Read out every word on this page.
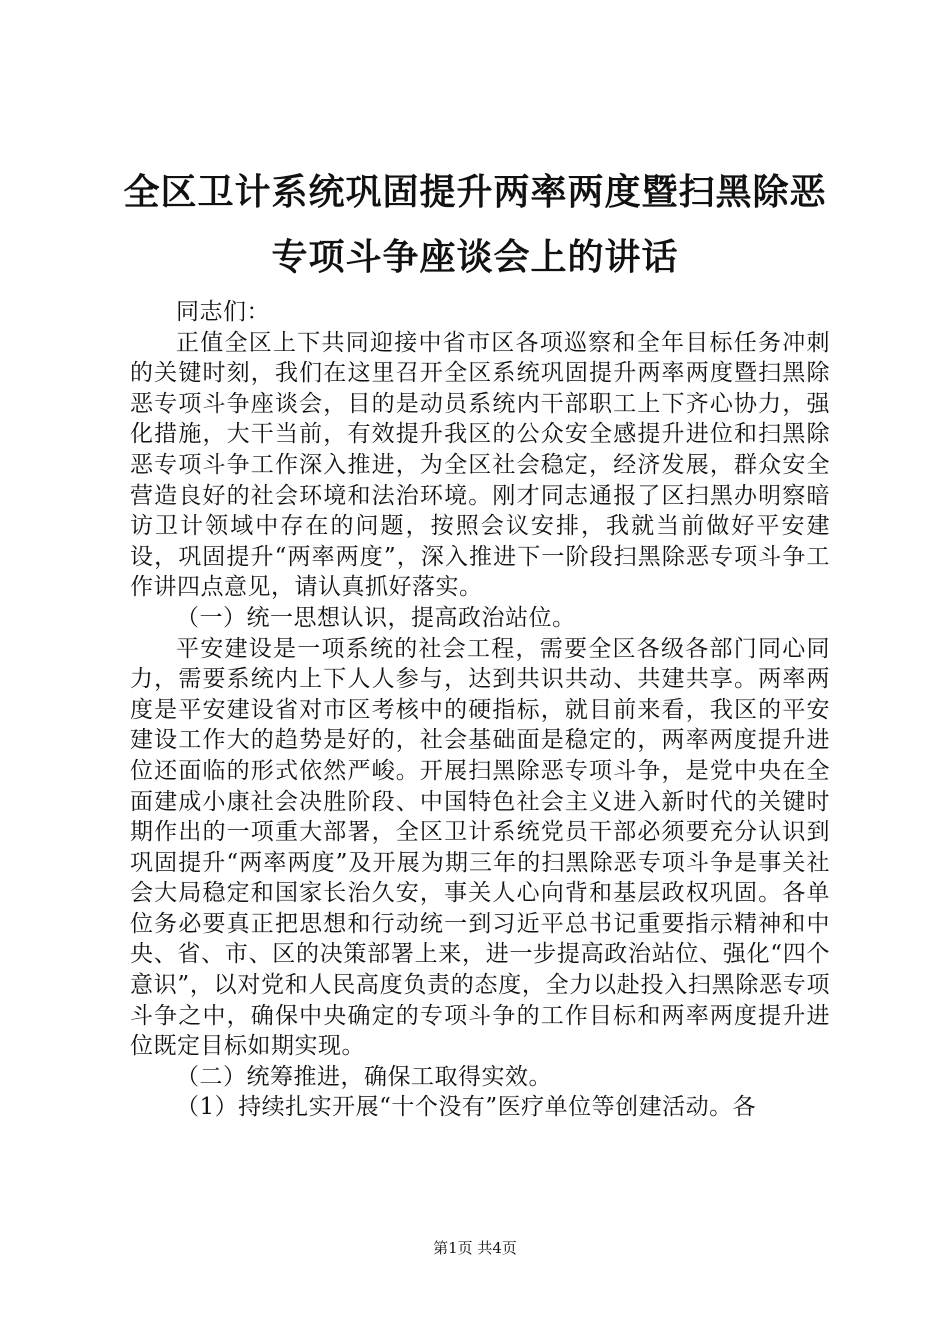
全区卫计系统巩固提升两率两度暨扫黑除恶专项斗争座谈会上的讲话

同志们：

正值全区上下共同迎接中省市区各项巡察和全年目标任务冲刺的关键时刻，我们在这里召开全区系统巩固提升两率两度暨扫黑除恶专项斗争座谈会，目的是动员系统内干部职工上下齐心协力，强化措施，大干当前，有效提升我区的公众安全感提升进位和扫黑除恶专项斗争工作深入推进，为全区社会稳定，经济发展，群众安全营造良好的社会环境和法治环境。刚才同志通报了区扫黑办明察暗访卫计领域中存在的问题，按照会议安排，我就当前做好平安建设，巩固提升“两率两度”，深入推进下一阶段扫黑除恶专项斗争工作讲四点意见，请认真抓好落实。

（一）统一思想认识，提高政治站位。

平安建设是一项系统的社会工程，需要全区各级各部门同心同力，需要系统内上下人人参与，达到共识共动、共建共享。两率两度是平安建设省对市区考核中的硬指标，就目前来看，我区的平安建设工作大的趋势是好的，社会基础面是稳定的，两率两度提升进位还面临的形式依然严峻。开展扫黑除恶专项斗争，是党中央在全面建成小康社会决胜阶段、中国特色社会主义进入新时代的关键时期作出的一项重大部署，全区卫计系统党员干部必须要充分认识到巩固提升“两率两度”及开展为期三年的扫黑除恶专项斗争是事关社会大局稳定和国家长治久安，事关人心向背和基层政权巩固。各单位务必要真正把思想和行动统一到习近平总书记重要指示精神和中央、省、市、区的决策部署上来，进一步提高政治站位、强化“四个意识”，以对党和人民高度负责的态度，全力以赴投入扫黑除恶专项斗争之中，确保中央确定的专项斗争的工作目标和两率两度提升进位既定目标如期实现。

（二）统筹推进，确保工取得实效。

（1）持续扎实开展“十个没有”医疗单位等创建活动。各

第1页 共4页
